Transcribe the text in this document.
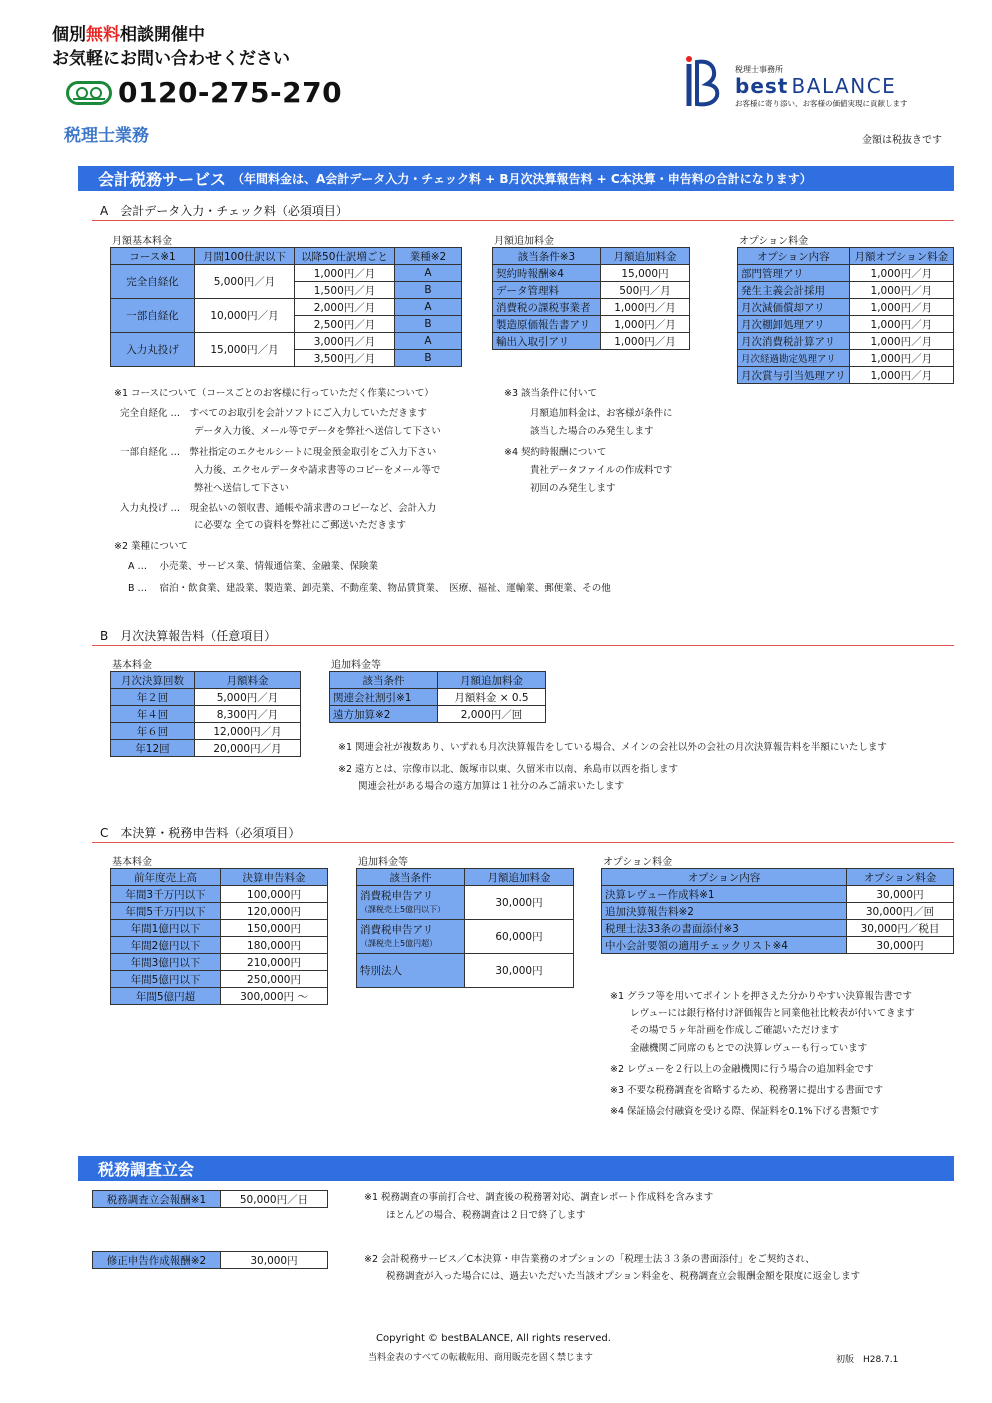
個別無料相談開催中
お気軽にお問い合わせください
0120-275-270
税理士業務	金額は税抜きです
税理士事務所
best BALANCE
お客様に寄り添い、お客様の価値実現に貢献します
会計税務サービス （年間料金は、A会計データ入力・チェック料 + B月次決算報告料 + C本決算・申告料の合計になります）
A　会計データ入力・チェック料（必須項目）
月額基本料金
コース※1	月間100仕訳以下	以降50仕訳増ごと	業種※2
完全自経化	5,000円／月	1,000円／月	A
		1,500円／月	B
一部自経化	10,000円／月	2,000円／月	A
		2,500円／月	B
入力丸投げ	15,000円／月	3,000円／月	A
		3,500円／月	B
月額追加料金
該当条件※3	月額追加料金
契約時報酬※4	15,000円
データ管理料	500円／月
消費税の課税事業者	1,000円／月
製造原価報告書アリ	1,000円／月
輸出入取引アリ	1,000円／月
オプション料金
オプション内容	月額オプション料金
部門管理アリ	1,000円／月
発生主義会計採用	1,000円／月
月次減価償却アリ	1,000円／月
月次棚卸処理アリ	1,000円／月
月次消費税計算アリ	1,000円／月
月次経過勘定処理アリ	1,000円／月
月次賞与引当処理アリ	1,000円／月
※1 コースについて（コースごとのお客様に行っていただく作業について）
完全自経化 …　すべてのお取引を会計ソフトにご入力していただきます
データ入力後、メール等でデータを弊社へ送信して下さい
一部自経化 …　弊社指定のエクセルシートに現金預金取引をご入力下さい
入力後、エクセルデータや請求書等のコピーをメール等で
弊社へ送信して下さい
入力丸投げ …　現金払いの領収書、通帳や請求書のコピーなど、会計入力
に必要な 全ての資料を弊社にご郵送いただきます
※2 業種について
A …　 小売業、サービス業、情報通信業、金融業、保険業
B …　 宿泊・飲食業、建設業、製造業、卸売業、不動産業、物品賃貸業、　医療、福祉、運輸業、郵便業、その他
※3 該当条件に付いて
月額追加料金は、お客様が条件に
該当した場合のみ発生します
※4 契約時報酬について
貴社データファイルの作成料です
初回のみ発生します
B　月次決算報告料（任意項目）
基本料金
月次決算回数	月額料金
年２回	5,000円／月
年４回	8,300円／月
年６回	12,000円／月
年12回	20,000円／月
追加料金等
該当条件	月額追加料金
関連会社割引※1	月額料金 × 0.5
遠方加算※2	2,000円／回
※1 関連会社が複数あり、いずれも月次決算報告をしている場合、メインの会社以外の会社の月次決算報告料を半額にいたします
※2 遠方とは、宗像市以北、飯塚市以東、久留米市以南、糸島市以西を指します
関連会社がある場合の遠方加算は１社分のみご請求いたします
C　本決算・税務申告料（必須項目）
基本料金
前年度売上高	決算申告料金
年間3千万円以下	100,000円
年間5千万円以下	120,000円
年間1億円以下	150,000円
年間2億円以下	180,000円
年間3億円以下	210,000円
年間5億円以下	250,000円
年間5億円超	300,000円 ～
追加料金等
該当条件	月額追加料金

消費税申告アリ
（課税売上5億円以下）	30,000円

消費税申告アリ
（課税売上5億円超）	60,000円
特別法人	30,000円
オプション料金
オプション内容	オプション料金
決算レヴュー作成料※1	30,000円
追加決算報告料※2	30,000円／回
税理士法33条の書面添付※3	30,000円／税目
中小会計要領の適用チェックリスト※4	30,000円
※1 グラフ等を用いてポイントを押さえた分かりやすい決算報告書です
レヴューには銀行格付け評価報告と同業他社比較表が付いてきます
その場で５ヶ年計画を作成しご確認いただけます
金融機関ご同席のもとでの決算レヴューも行っています
※2 レヴューを２行以上の金融機関に行う場合の追加料金です
※3 不要な税務調査を省略するため、税務署に提出する書面です
※4 保証協会付融資を受ける際、保証料を0.1%下げる書類です
税務調査立会
税務調査立会報酬※1	50,000円／日	※1 税務調査の事前打合せ、調査後の税務署対応、調査レポート作成料を含みます
ほとんどの場合、税務調査は２日で終了します
修正申告作成報酬※2	30,000円	※2 会計税務サービス／C本決算・申告業務のオプションの「税理士法３３条の書面添付」をご契約され、
税務調査が入った場合には、過去いただいた当該オプション料金を、税務調査立会報酬金額を限度に返金します
Copyright © bestBALANCE, All rights reserved.
当料金表のすべての転載転用、商用販売を固く禁じます	初版　H28.7.1
